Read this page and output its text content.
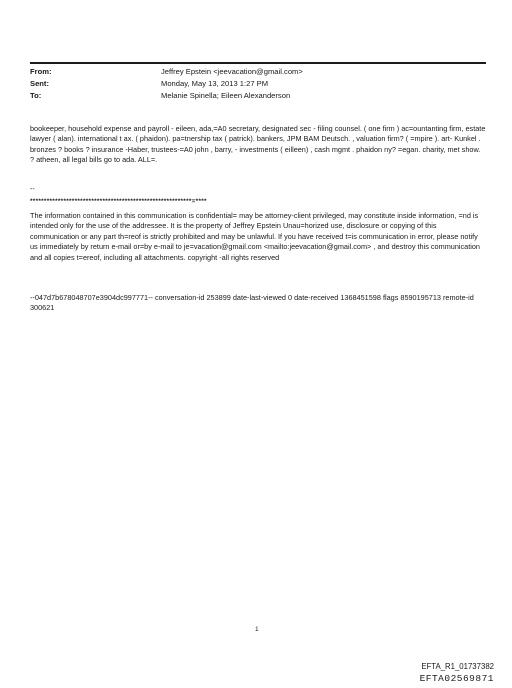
From:	Jeffrey Epstein <jeevacation@gmail.com>
Sent:	Monday, May 13, 2013 1:27 PM
To:	Melanie Spinella; Eileen Alexanderson

bookeeper, household expense and payroll - eileen, ada,=A0 secretary, designated sec - filing counsel. ( one firm ) ac=ountanting firm, estate lawyer ( alan). international t ax. ( phaidon). pa=tnership tax ( patrick). bankers, JPM BAM Deutsch. , valuation firm? ( =mpire ). art- Kunkel . bronzes ? books ? insurance -Haber, trustees-=A0 john , barry, - investments ( eilleen) , cash mgmt . phaidon ny? =egan. charity, met show. ? atheen, all legal bills go to ada. ALL=.

--
**********************************************************=****

The information contained in this communication is confidential= may be attorney-client privileged, may constitute inside information, =nd is intended only for the use of the addressee. It is the property of Jeffrey Epstein Unau=horized use, disclosure or copying of this communication or any part th=reof is strictly prohibited and may be unlawful. If you have received t=is communication in error, please notify us immediately by return e-mail or=by e-mail to je=vacation@gmail.com <mailto:jeevacation@gmail.com> , and destroy this communication and all copies t=ereof, including all attachments. copyright -all rights reserved

--047d7b678048707e3904dc997771-- conversation-id 253899 date-last-viewed 0 date-received 1368451598 flags 8590195713 remote-id 300621

1
EFTA_R1_01737382
EFTA02569871
